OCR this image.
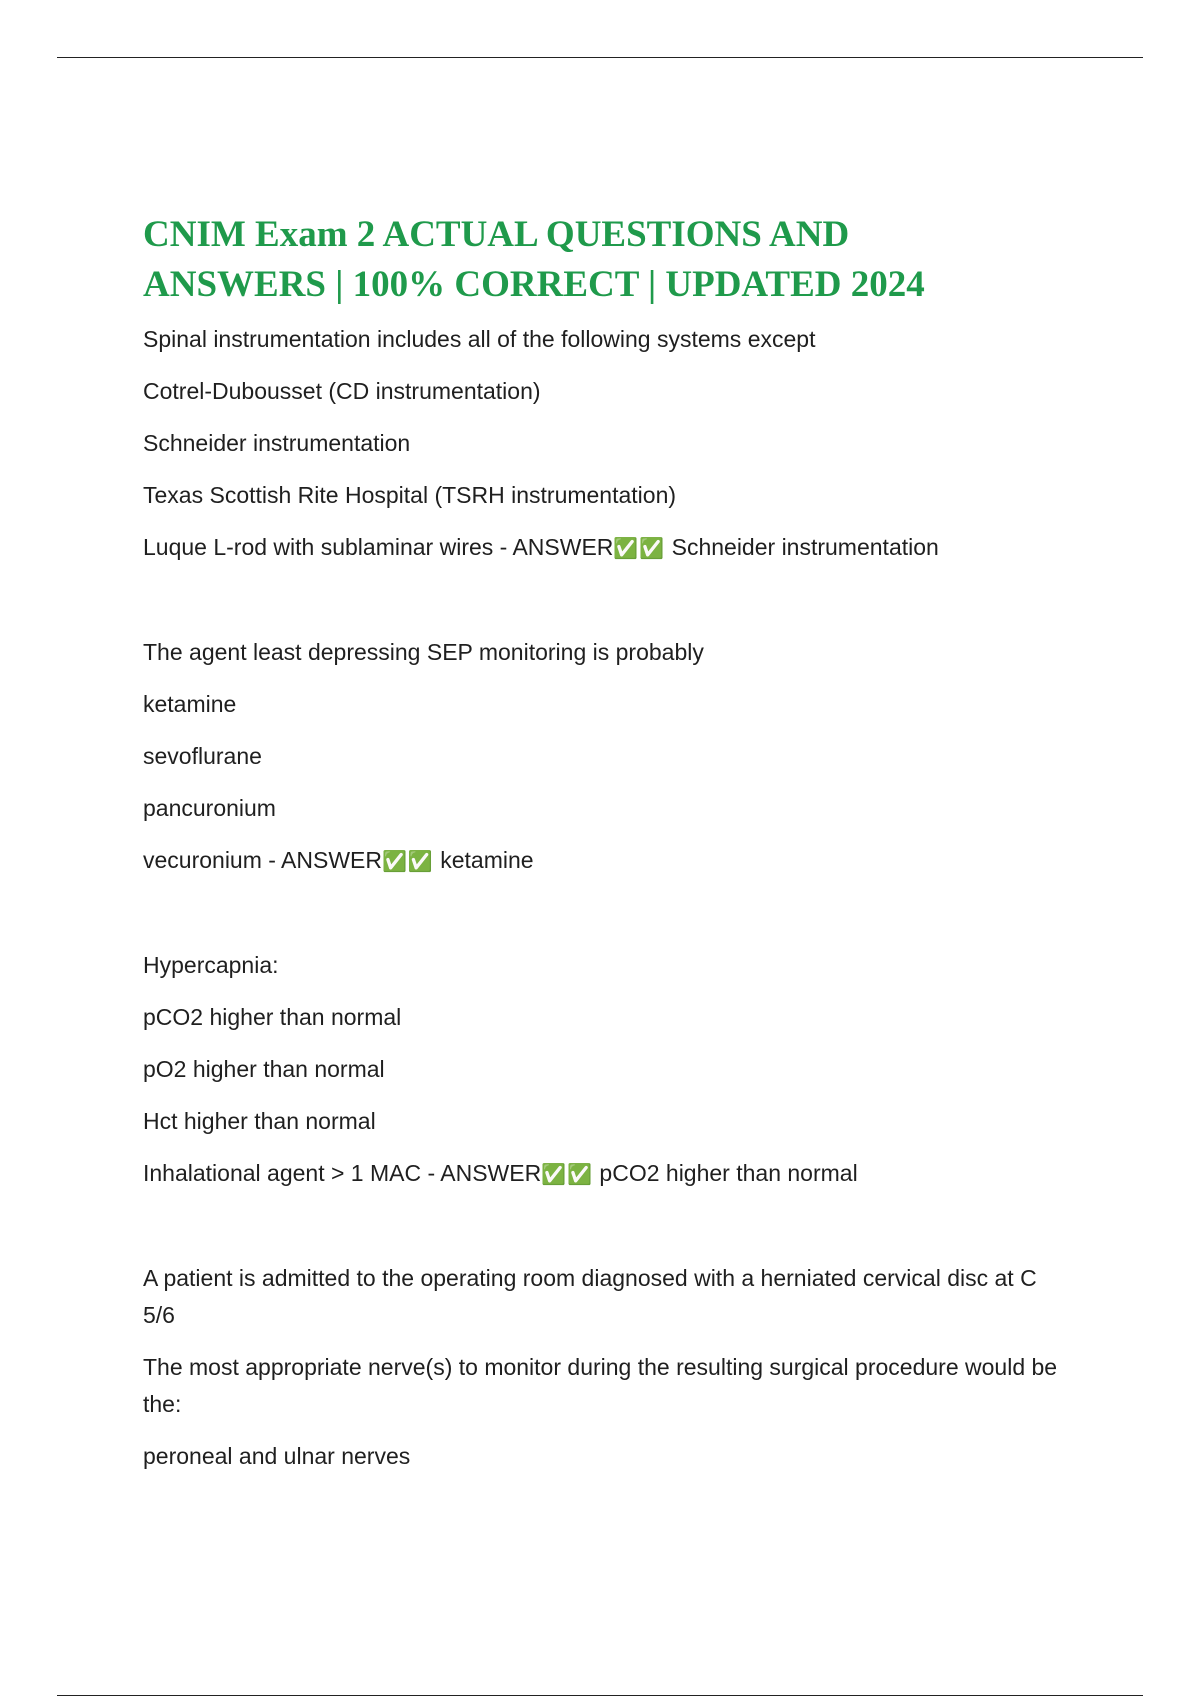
CNIM Exam 2 ACTUAL QUESTIONS AND
ANSWERS | 100% CORRECT | UPDATED 2024

Spinal instrumentation includes all of the following systems except

Cotrel-Dubousset (CD instrumentation)

Schneider instrumentation

Texas Scottish Rite Hospital (TSRH instrumentation)

Luque L-rod with sublaminar wires - ANSWER✅✅ Schneider instrumentation

The agent least depressing SEP monitoring is probably

ketamine

sevoflurane

pancuronium

vecuronium - ANSWER✅✅ ketamine

Hypercapnia:

pCO2 higher than normal

pO2 higher than normal

Hct higher than normal

Inhalational agent > 1 MAC - ANSWER✅✅ pCO2 higher than normal

A patient is admitted to the operating room diagnosed with a herniated cervical disc at C 5/6

The most appropriate nerve(s) to monitor during the resulting surgical procedure would be the:

peroneal and ulnar nerves
